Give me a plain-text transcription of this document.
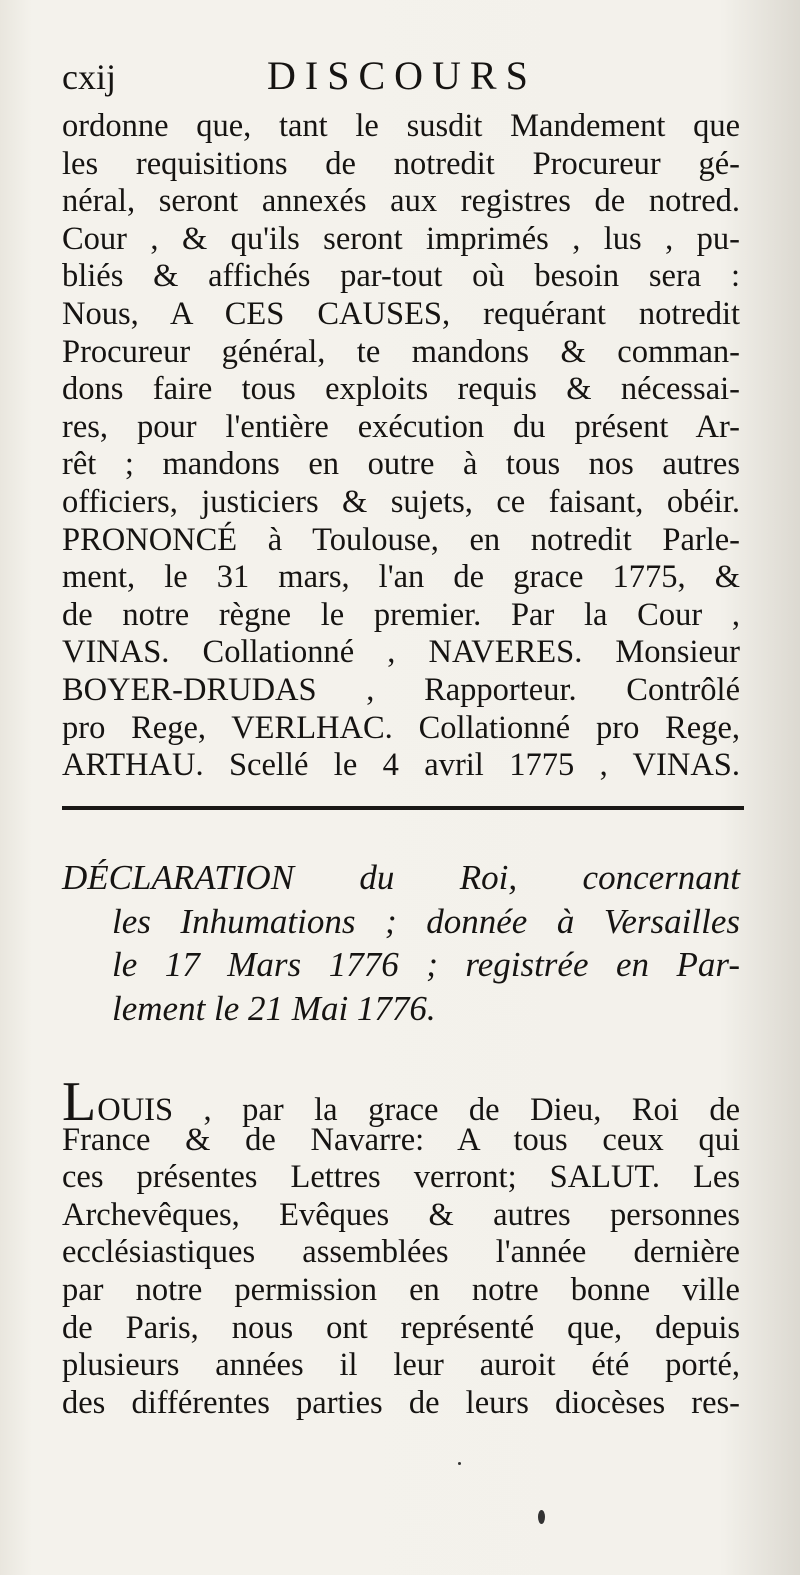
cxij	DISCOURS
ordonne que, tant le susdit Mandement que
les requisitions de notredit Procureur gé-
néral, seront annexés aux registres de notred.
Cour , & qu'ils seront imprimés , lus , pu-
bliés & affichés par-tout où besoin sera :
Nous, A CES CAUSES, requérant notredit
Procureur général, te mandons & comman-
dons faire tous exploits requis & nécessai-
res, pour l'entière exécution du présent Ar-
rêt ; mandons en outre à tous nos autres
officiers, justiciers & sujets, ce faisant, obéir.
PRONONCÉ à Toulouse, en notredit Parle-
ment, le 31 mars, l'an de grace 1775, &
de notre règne le premier. Par la Cour ,
VINAS. Collationné , NAVERES. Monsieur
BOYER-DRUDAS , Rapporteur. Contrôlé
pro Rege, VERLHAC. Collationné pro Rege,
ARTHAU. Scellé le 4 avril 1775 , VINAS.
DÉCLARATION du Roi, concernant
les Inhumations ; donnée à Versailles
le 17 Mars 1776 ; registrée en Par-
lement le 21 Mai 1776.
LOUIS , par la grace de Dieu, Roi de
France & de Navarre: A tous ceux qui
ces présentes Lettres verront; SALUT. Les
Archevêques, Evêques & autres personnes
ecclésiastiques assemblées l'année dernière
par notre permission en notre bonne ville
de Paris, nous ont représenté que, depuis
plusieurs années il leur auroit été porté,
des différentes parties de leurs diocèses res-
